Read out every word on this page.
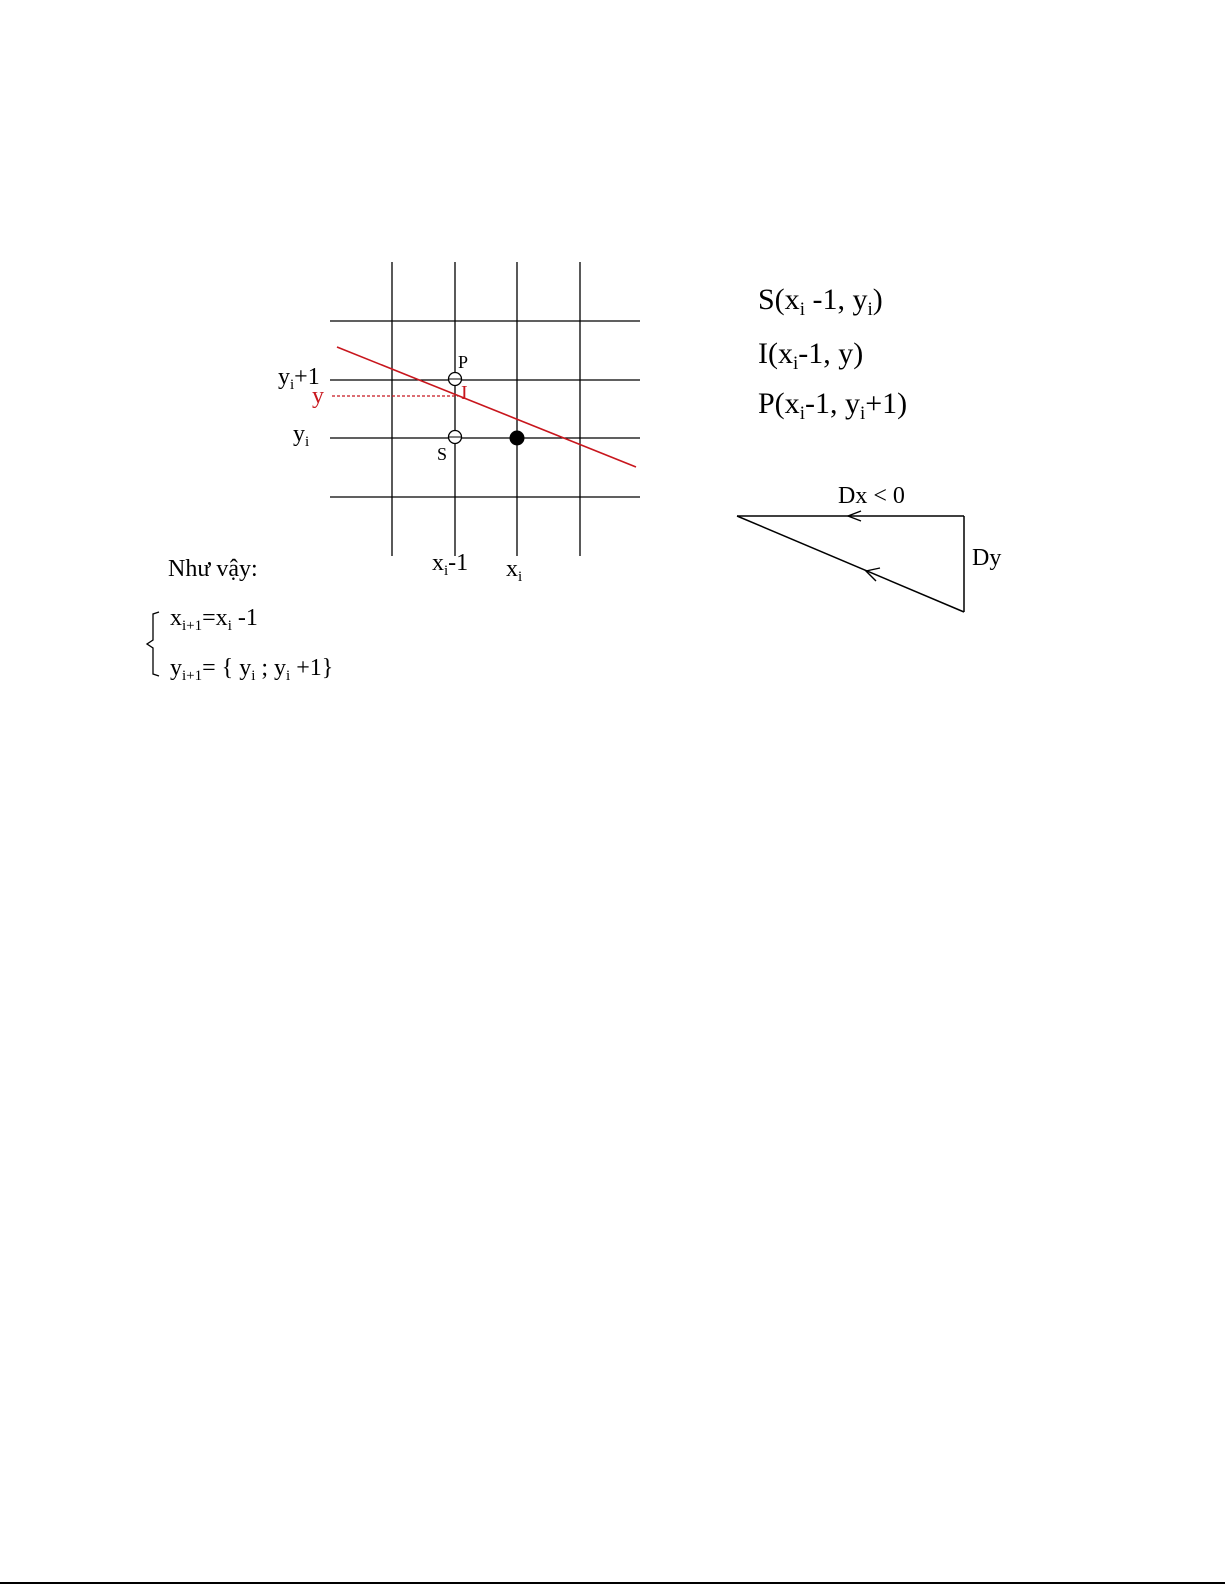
$y_i+1$
y
$y_i$
P
I
S
$x_i-1$ $x_i$
$S(x_i$ -1, $y_i$)
$I(x_i-1$, y)
$P(x_i-1$, $y_i+1$)
Dx < 0
Dy
Như vậy:
$x_{i+1}=x_i$ -1
$y_{i+1}=$ { $y_i$ ; $y_i +1$}
